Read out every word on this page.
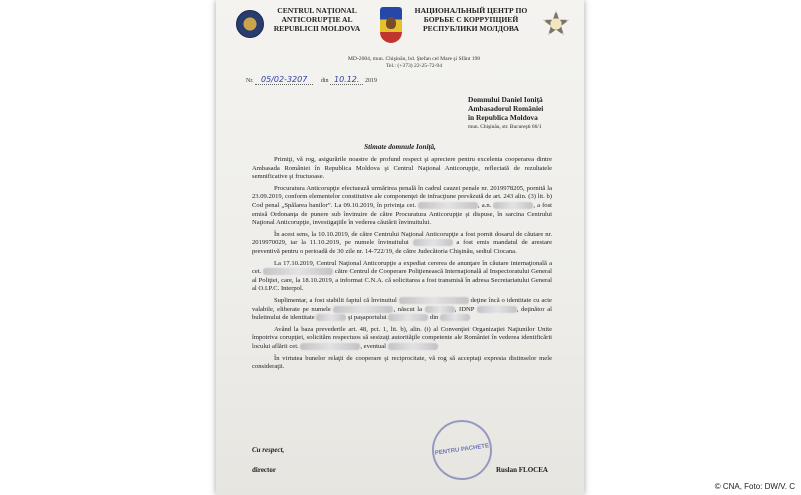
CENTRUL NAŢIONAL ANTICORUPŢIE AL REPUBLICII MOLDOVA
НАЦИОНАЛЬНЫЙ ЦЕНТР ПО БОРЬБЕ С КОРРУПЦИЕЙ РЕСПУБЛИКИ МОЛДОВА
MD-2004, mun. Chişinău, bd. Ştefan cel Mare şi Sfânt 198
Tel.: (+373) 22-25-72-94
Nr. 05/02-3207 din 10.12. 2019
Domnului Daniel Ioniţă
Ambasadorul României
în Republica Moldova
mun. Chişinău, str. Bucureşti 66/1
Stimate domnule Ioniţă,

Primiţi, vă rog, asigurările noastre de profund respect şi apreciere pentru excelenta cooperarea dintre Ambasada României în Republica Moldova şi Centrul Naţional Anticorupţie, reflectată de rezultatele semnificative şi fructuoase.

Procuratura Anticorupţie efectuează urmărirea penală în cadrul cauzei penale nr. 2019978205, pornită la 23.09.2019, conform elementelor constitutive ale componenţei de infracţiune prevăzută de art. 243 alin. (3) lit. b) Cod penal „Spălarea banilor”. La 09.10.2019, în privinţa cet.	, a.n.	, a fost emisă Ordonanţa de punere sub învinuire de către Procuratura Anticorupţie şi dispuse, în sarcina Centrului Naţional Anticorupţie, investigaţiile în vederea căutării învinuitului.

În acest sens, la 10.10.2019, de către Centrului Naţional Anticorupţie a fost pornit dosarul de căutare nr. 2019970029, iar la 11.10.2019, pe numele învinuitului	a fost emis mandatul de arestare preventivă pentru o perioadă de 30 zile nr. 14-722/19, de către Judecătoria Chişinău, sediul Ciocana.

La 17.10.2019, Centrul Naţional Anticorupţie a expediat cererea de anunţare în căutare internaţională a cet.	către Centrul de Cooperare Poliţienească Internaţională al Inspectoratului General al Poliţiei, care, la 18.10.2019, a informat C.N.A. că solicitarea a fost transmisă în adresa Secretariatului General al O.I.P.C. Interpol.

Suplimentar, a fost stabilit faptul că învinuitul	deţine încă o identitate cu acte valabile, eliberate pe numele	, născut la	, IDNP	, deţinător al buletinului de identitate	şi paşaportului	din

Având la baza prevederile art. 48, pct. 1, lit. b), alin. (i) al Convenţiei Organizaţiei Naţiunilor Unite împotriva corupţiei, solicităm respectuos să sesizaţi autorităţile competente ale României în vederea identificării locului aflării cet.	, eventual

În virtutea bunelor relaţii de cooperare şi reciprocitate, vă rog să acceptaţi expresia distinselor mele consideraţii.

Cu respect,	PENTRU PACHETE
director	Ruslan FLOCEA
© CNA, Foto: DW/V. C
